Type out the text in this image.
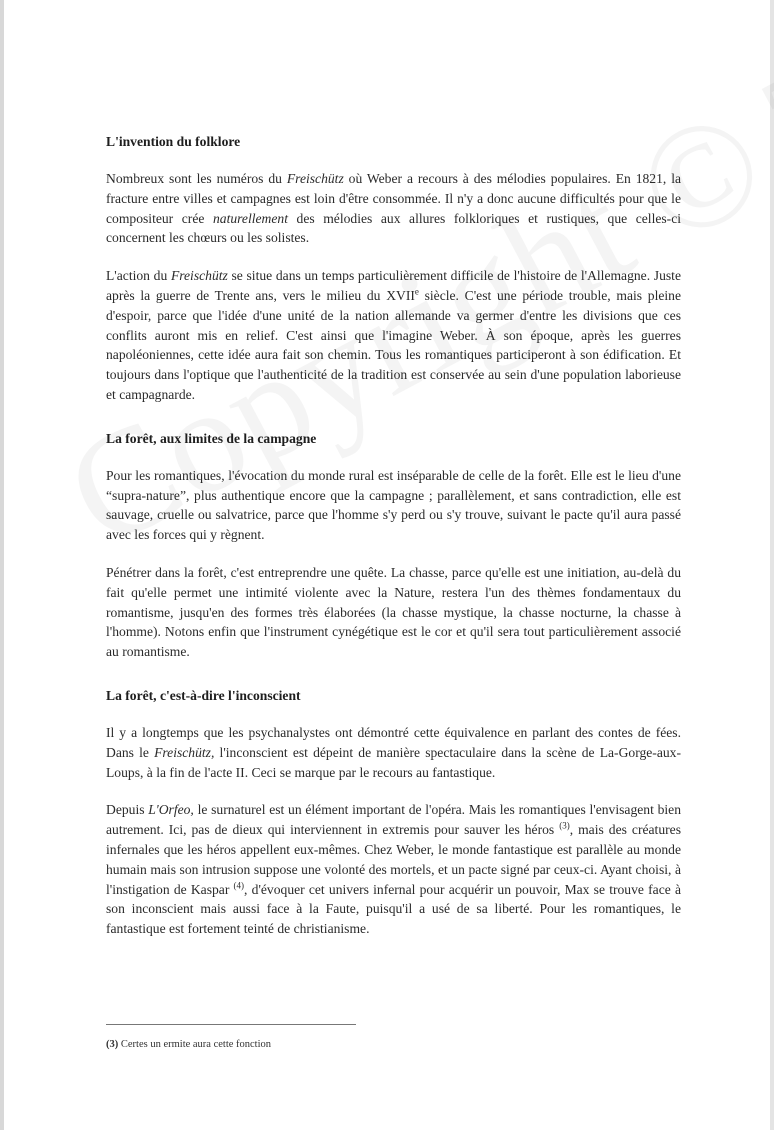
L'invention du folklore

Nombreux sont les numéros du Freischütz où Weber a recours à des mélodies populaires. En 1821, la fracture entre villes et campagnes est loin d'être consommée. Il n'y a donc aucune difficultés pour que le compositeur crée naturellement des mélodies aux allures folkloriques et rustiques, que celles-ci concernent les chœurs ou les solistes.

L'action du Freischütz se situe dans un temps particulièrement difficile de l'histoire de l'Allemagne. Juste après la guerre de Trente ans, vers le milieu du XVIIe siècle. C'est une période trouble, mais pleine d'espoir, parce que l'idée d'une unité de la nation allemande va germer d'entre les divisions que ces conflits auront mis en relief. C'est ainsi que l'imagine Weber. À son époque, après les guerres napoléoniennes, cette idée aura fait son chemin. Tous les romantiques participeront à son édification. Et toujours dans l'optique que l'authenticité de la tradition est conservée au sein d'une population laborieuse et campagnarde.

La forêt, aux limites de la campagne

Pour les romantiques, l'évocation du monde rural est inséparable de celle de la forêt. Elle est le lieu d'une “supra-nature”, plus authentique encore que la campagne ; parallèlement, et sans contradiction, elle est sauvage, cruelle ou salvatrice, parce que l'homme s'y perd ou s'y trouve, suivant le pacte qu'il aura passé avec les forces qui y règnent.

Pénétrer dans la forêt, c'est entreprendre une quête. La chasse, parce qu'elle est une initiation, au-delà du fait qu'elle permet une intimité violente avec la Nature, restera l'un des thèmes fondamentaux du romantisme, jusqu'en des formes très élaborées (la chasse mystique, la chasse nocturne, la chasse à l'homme). Notons enfin que l'instrument cynégétique est le cor et qu'il sera tout particulièrement associé au romantisme.

La forêt, c'est-à-dire l'inconscient

Il y a longtemps que les psychanalystes ont démontré cette équivalence en parlant des contes de fées. Dans le Freischütz, l'inconscient est dépeint de manière spectaculaire dans la scène de La-Gorge-aux-Loups, à la fin de l'acte II. Ceci se marque par le recours au fantastique.

Depuis L'Orfeo, le surnaturel est un élément important de l'opéra. Mais les romantiques l'envisagent bien autrement. Ici, pas de dieux qui interviennent in extremis pour sauver les héros $^{(3)}$, mais des créatures infernales que les héros appellent eux-mêmes. Chez Weber, le monde fantastique est parallèle au monde humain mais son intrusion suppose une volonté des mortels, et un pacte signé par ceux-ci. Ayant choisi, à l'instigation de Kaspar $^{(4)}$, d'évoquer cet univers infernal pour acquérir un pouvoir, Max se trouve face à son inconscient mais aussi face à la Faute, puisqu'il a usé de sa liberté. Pour les romantiques, le fantastique est fortement teinté de christianisme.

(3) Certes un ermite aura cette fonction
